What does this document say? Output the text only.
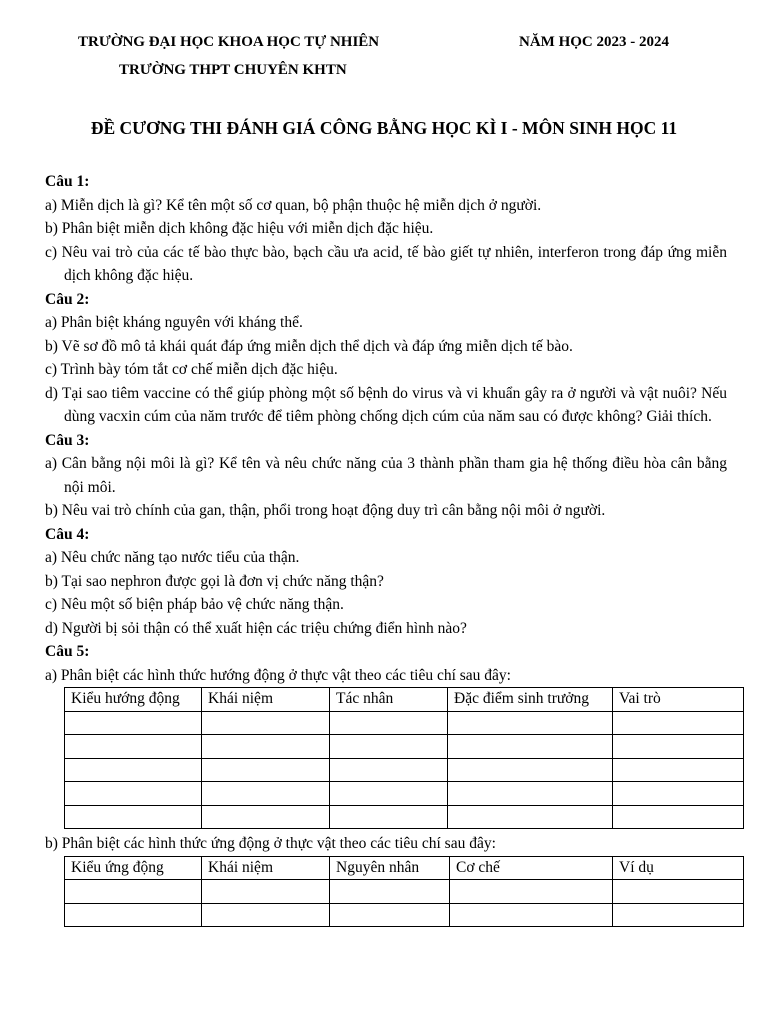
TRƯỜNG ĐẠI HỌC KHOA HỌC TỰ NHIÊN	NĂM HỌC 2023 - 2024
TRƯỜNG THPT CHUYÊN KHTN
ĐỀ CƯƠNG THI ĐÁNH GIÁ CÔNG BẰNG HỌC KÌ I - MÔN SINH HỌC 11
Câu 1:
a) Miễn dịch là gì? Kể tên một số cơ quan, bộ phận thuộc hệ miễn dịch ở người.
b) Phân biệt miễn dịch không đặc hiệu với miễn dịch đặc hiệu.
c) Nêu vai trò của các tế bào thực bào, bạch cầu ưa acid, tế bào giết tự nhiên, interferon trong đáp ứng miễn dịch không đặc hiệu.
Câu 2:
a) Phân biệt kháng nguyên với kháng thể.
b) Vẽ sơ đồ mô tả khái quát đáp ứng miễn dịch thể dịch và đáp ứng miễn dịch tế bào.
c) Trình bày tóm tắt cơ chế miễn dịch đặc hiệu.
d) Tại sao tiêm vaccine có thể giúp phòng một số bệnh do virus và vi khuẩn gây ra ở người và vật nuôi? Nếu dùng vacxin cúm của năm trước để tiêm phòng chống dịch cúm của năm sau có được không? Giải thích.
Câu 3:
a) Cân bằng nội môi là gì? Kể tên và nêu chức năng của 3 thành phần tham gia hệ thống điều hòa cân bằng nội môi.
b) Nêu vai trò chính của gan, thận, phổi trong hoạt động duy trì cân bằng nội môi ở người.
Câu 4:
a) Nêu chức năng tạo nước tiểu của thận.
b) Tại sao nephron được gọi là đơn vị chức năng thận?
c) Nêu một số biện pháp bảo vệ chức năng thận.
d) Người bị sỏi thận có thể xuất hiện các triệu chứng điển hình nào?
Câu 5:
a) Phân biệt các hình thức hướng động ở thực vật theo các tiêu chí sau đây:
Kiểu hướng động	Khái niệm	Tác nhân	Đặc điểm sinh trưởng	Vai trò

b) Phân biệt các hình thức ứng động ở thực vật theo các tiêu chí sau đây:
Kiểu ứng động	Khái niệm	Nguyên nhân	Cơ chế	Ví dụ
